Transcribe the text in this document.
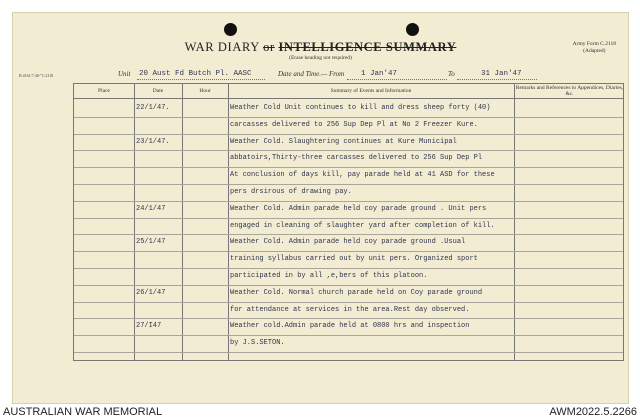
WAR DIARY or INTELLIGENCE SUMMARY
(Erase heading not required)
Army Form C.2118
(Adapted)
B.4161/7.40-"C.2118	Unit 20 Aust Fd Butch Pl. AASC	Date and Time.— From 1 Jan'47	To	31 Jan'47
Place	Date	Hour	Summary of Events and Information	Remarks and References to Appendices, Diaries, &c.
22/1/47.	Weather Cold Unit continues to kill and dress sheep forty (40)
carcasses delivered to 256 Sup Dep Pl at No 2 Freezer Kure.
23/1/47.	Weather Cold. Slaughtering continues at Kure Municipal
abbatoirs,Thirty-three carcasses delivered to 256 Sup Dep Pl
At conclusion of days kill, pay parade held at 41 ASD for these
pers drsirous of drawing pay.
24/1/47	Weather Cold. Admin parade held coy parade ground . Unit pers
engaged in cleaning of slaughter yard after completion of kill.
25/1/47	Weather Cold. Admin parade held coy parade ground .Usual
training syllabus carried out by unit pers. Organized sport
participated in by all ,e,bers of this platoon.
26/1/47	Weather Cold. Normal church parade held on Coy parade ground
for attendance at services in the area.Rest day observed.
27/I47	Weather cold.Admin parade held at 0800 hrs and inspection
by J.S.SETON.
AUSTRALIAN WAR MEMORIAL	AWM2022.5.2266
